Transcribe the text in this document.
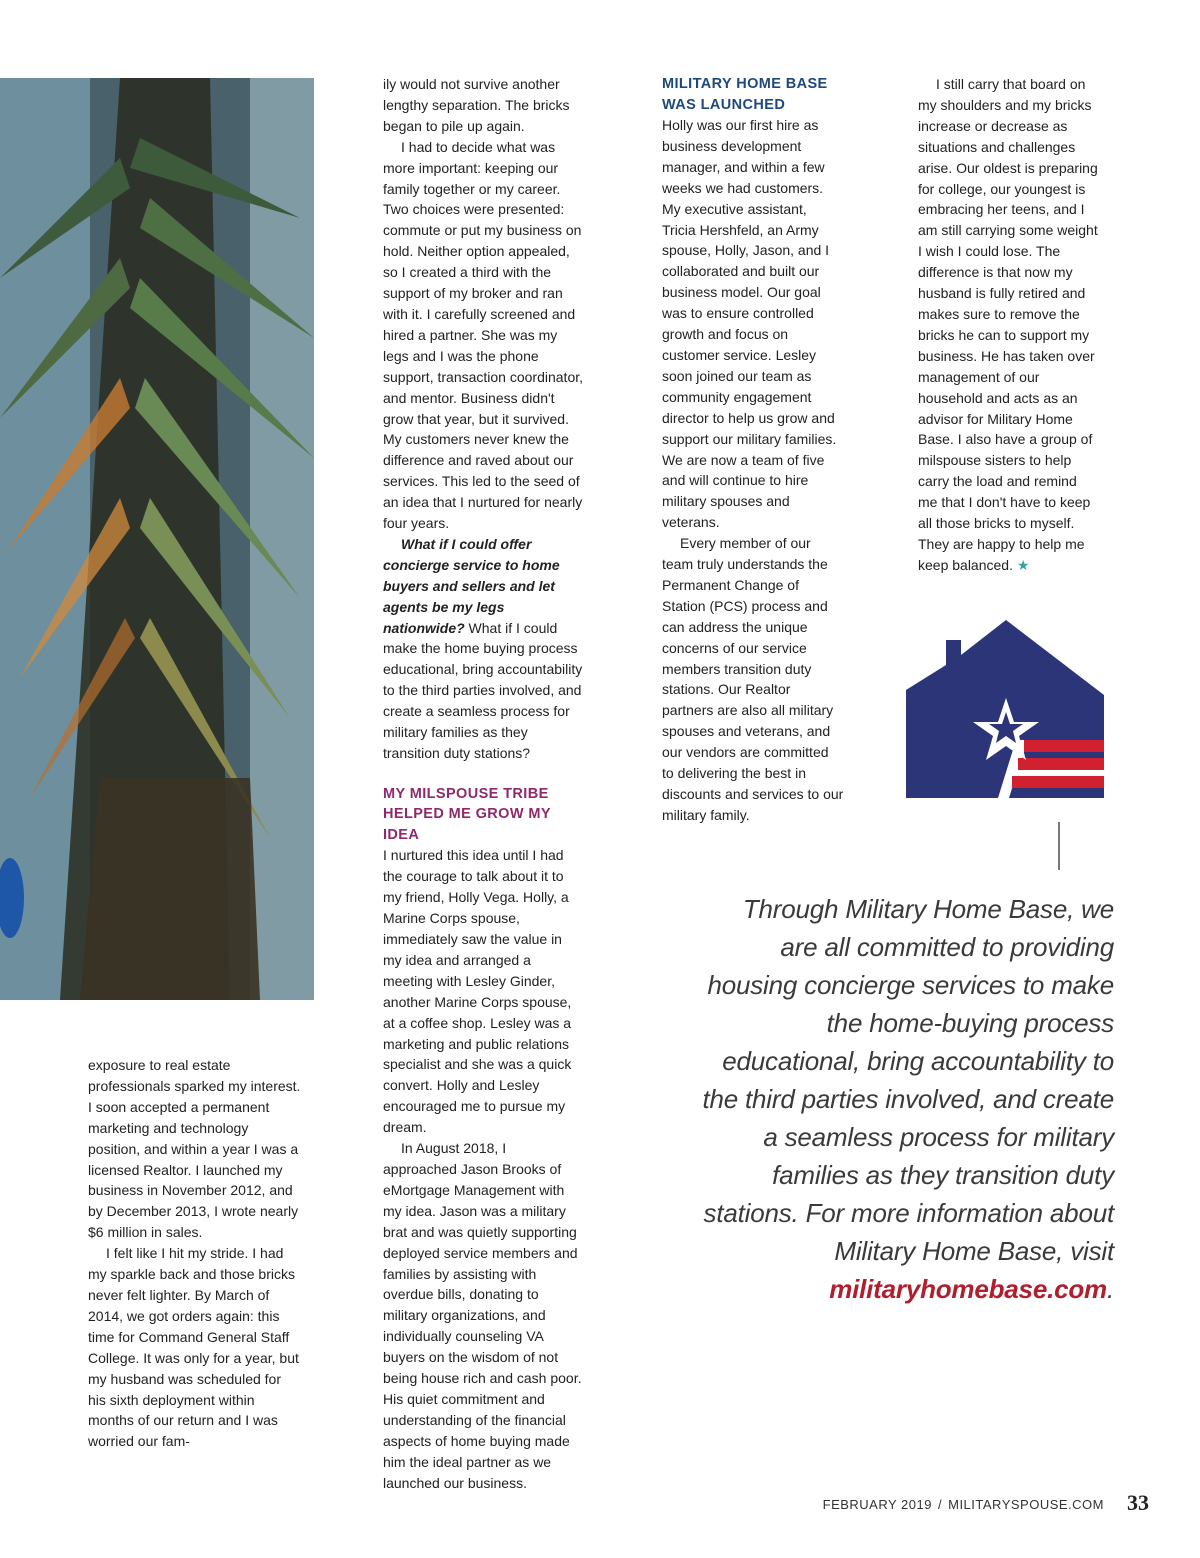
exposure to real estate professionals sparked my interest. I soon accepted a permanent marketing and technology position, and within a year I was a licensed Realtor. I launched my business in November 2012, and by December 2013, I wrote nearly $6 million in sales.

I felt like I hit my stride. I had my sparkle back and those bricks never felt lighter. By March of 2014, we got orders again: this time for Command General Staff College. It was only for a year, but my husband was scheduled for his sixth deployment within months of our return and I was worried our fam-

ily would not survive another lengthy separation. The bricks began to pile up again.

I had to decide what was more important: keeping our family together or my career. Two choices were presented: commute or put my business on hold. Neither option appealed, so I created a third with the support of my broker and ran with it. I carefully screened and hired a partner. She was my legs and I was the phone support, transaction coordinator, and mentor. Business didn't grow that year, but it survived. My customers never knew the difference and raved about our services. This led to the seed of an idea that I nurtured for nearly four years.

What if I could offer concierge service to home buyers and sellers and let agents be my legs nationwide? What if I could make the home buying process educational, bring accountability to the third parties involved, and create a seamless process for military families as they transition duty stations?

MY MILSPOUSE TRIBE HELPED ME GROW MY IDEA

I nurtured this idea until I had the courage to talk about it to my friend, Holly Vega. Holly, a Marine Corps spouse, immediately saw the value in my idea and arranged a meeting with Lesley Ginder, another Marine Corps spouse, at a coffee shop. Lesley was a marketing and public relations specialist and she was a quick convert. Holly and Lesley encouraged me to pursue my dream.

In August 2018, I approached Jason Brooks of eMortgage Management with my idea. Jason was a military brat and was quietly supporting deployed service members and families by assisting with overdue bills, donating to military organizations, and individually counseling VA buyers on the wisdom of not being house rich and cash poor. His quiet commitment and understanding of the financial aspects of home buying made him the ideal partner as we launched our business.

MILITARY HOME BASE WAS LAUNCHED

Holly was our first hire as business development manager, and within a few weeks we had customers. My executive assistant, Tricia Hershfeld, an Army spouse, Holly, Jason, and I collaborated and built our business model. Our goal was to ensure controlled growth and focus on customer service. Lesley soon joined our team as community engagement director to help us grow and support our military families. We are now a team of five and will continue to hire military spouses and veterans.

Every member of our team truly understands the Permanent Change of Station (PCS) process and can address the unique concerns of our service members transition duty stations. Our Realtor partners are also all military spouses and veterans, and our vendors are committed to delivering the best in discounts and services to our military family.

I still carry that board on my shoulders and my bricks increase or decrease as situations and challenges arise. Our oldest is preparing for college, our youngest is embracing her teens, and I am still carrying some weight I wish I could lose. The difference is that now my husband is fully retired and makes sure to remove the bricks he can to support my business. He has taken over management of our household and acts as an advisor for Military Home Base. I also have a group of milspouse sisters to help carry the load and remind me that I don't have to keep all those bricks to myself. They are happy to help me keep balanced. ★

Through Military Home Base, we are all committed to providing housing concierge services to make the home-buying process educational, bring accountability to the third parties involved, and create a seamless process for military families as they transition duty stations. For more information about Military Home Base, visit militaryhomebase.com.
FEBRUARY 2019 / MILITARYSPOUSE.COM 33
